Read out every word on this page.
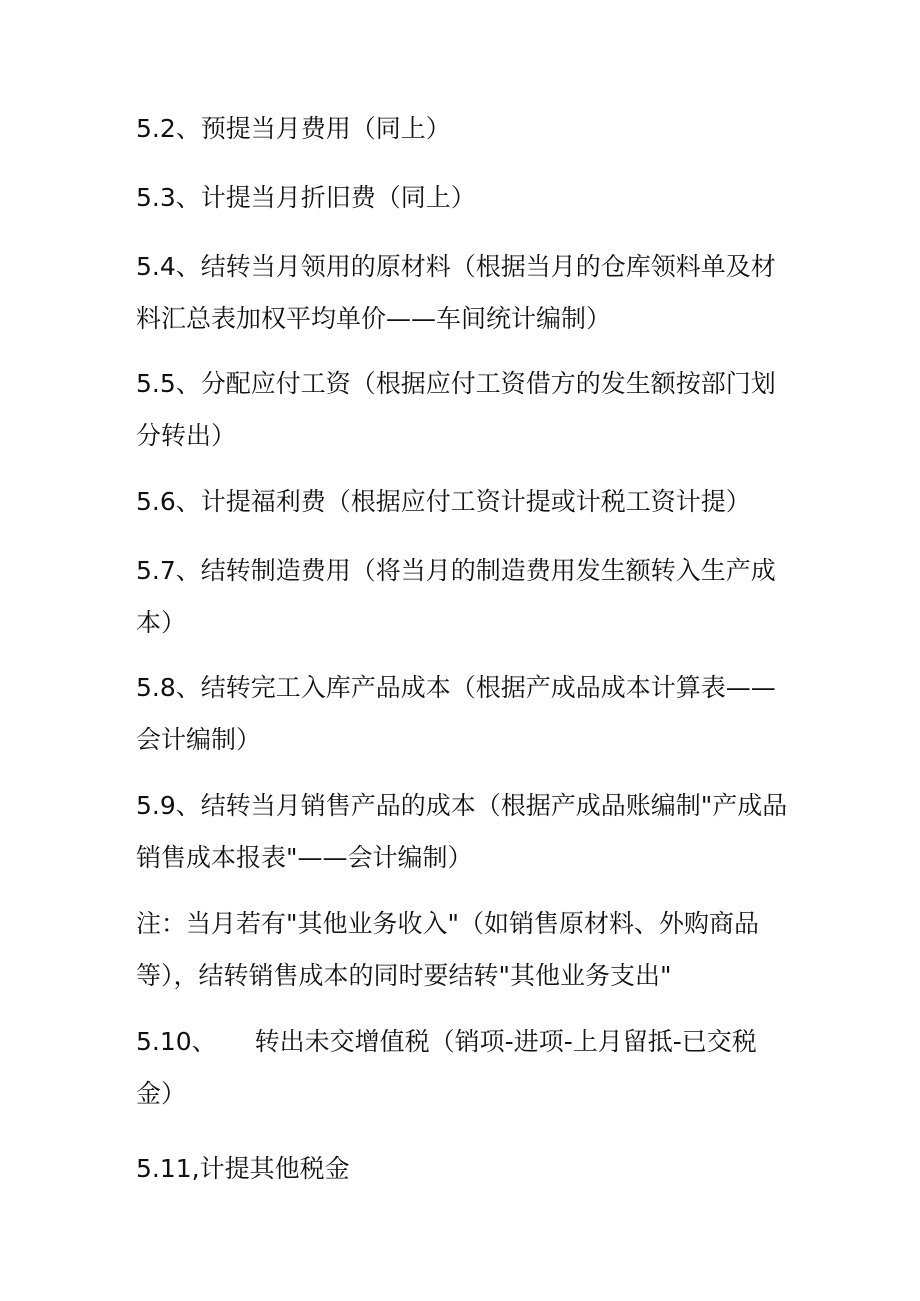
5.2、预提当月费用（同上）

5.3、计提当月折旧费（同上）

5.4、结转当月领用的原材料（根据当月的仓库领料单及材
料汇总表加权平均单价——车间统计编制）

5.5、分配应付工资（根据应付工资借方的发生额按部门划
分转出）

5.6、计提福利费（根据应付工资计提或计税工资计提）

5.7、结转制造费用（将当月的制造费用发生额转入生产成
本）

5.8、结转完工入库产品成本（根据产成品成本计算表——
会计编制）

5.9、结转当月销售产品的成本（根据产成品账编制"产成品
销售成本报表"——会计编制）

注：当月若有"其他业务收入"（如销售原材料、外购商品
等），结转销售成本的同时要结转"其他业务支出"

5.10、 转出未交增值税（销项-进项-上月留抵-已交税
金）

5.11,计提其他税金
